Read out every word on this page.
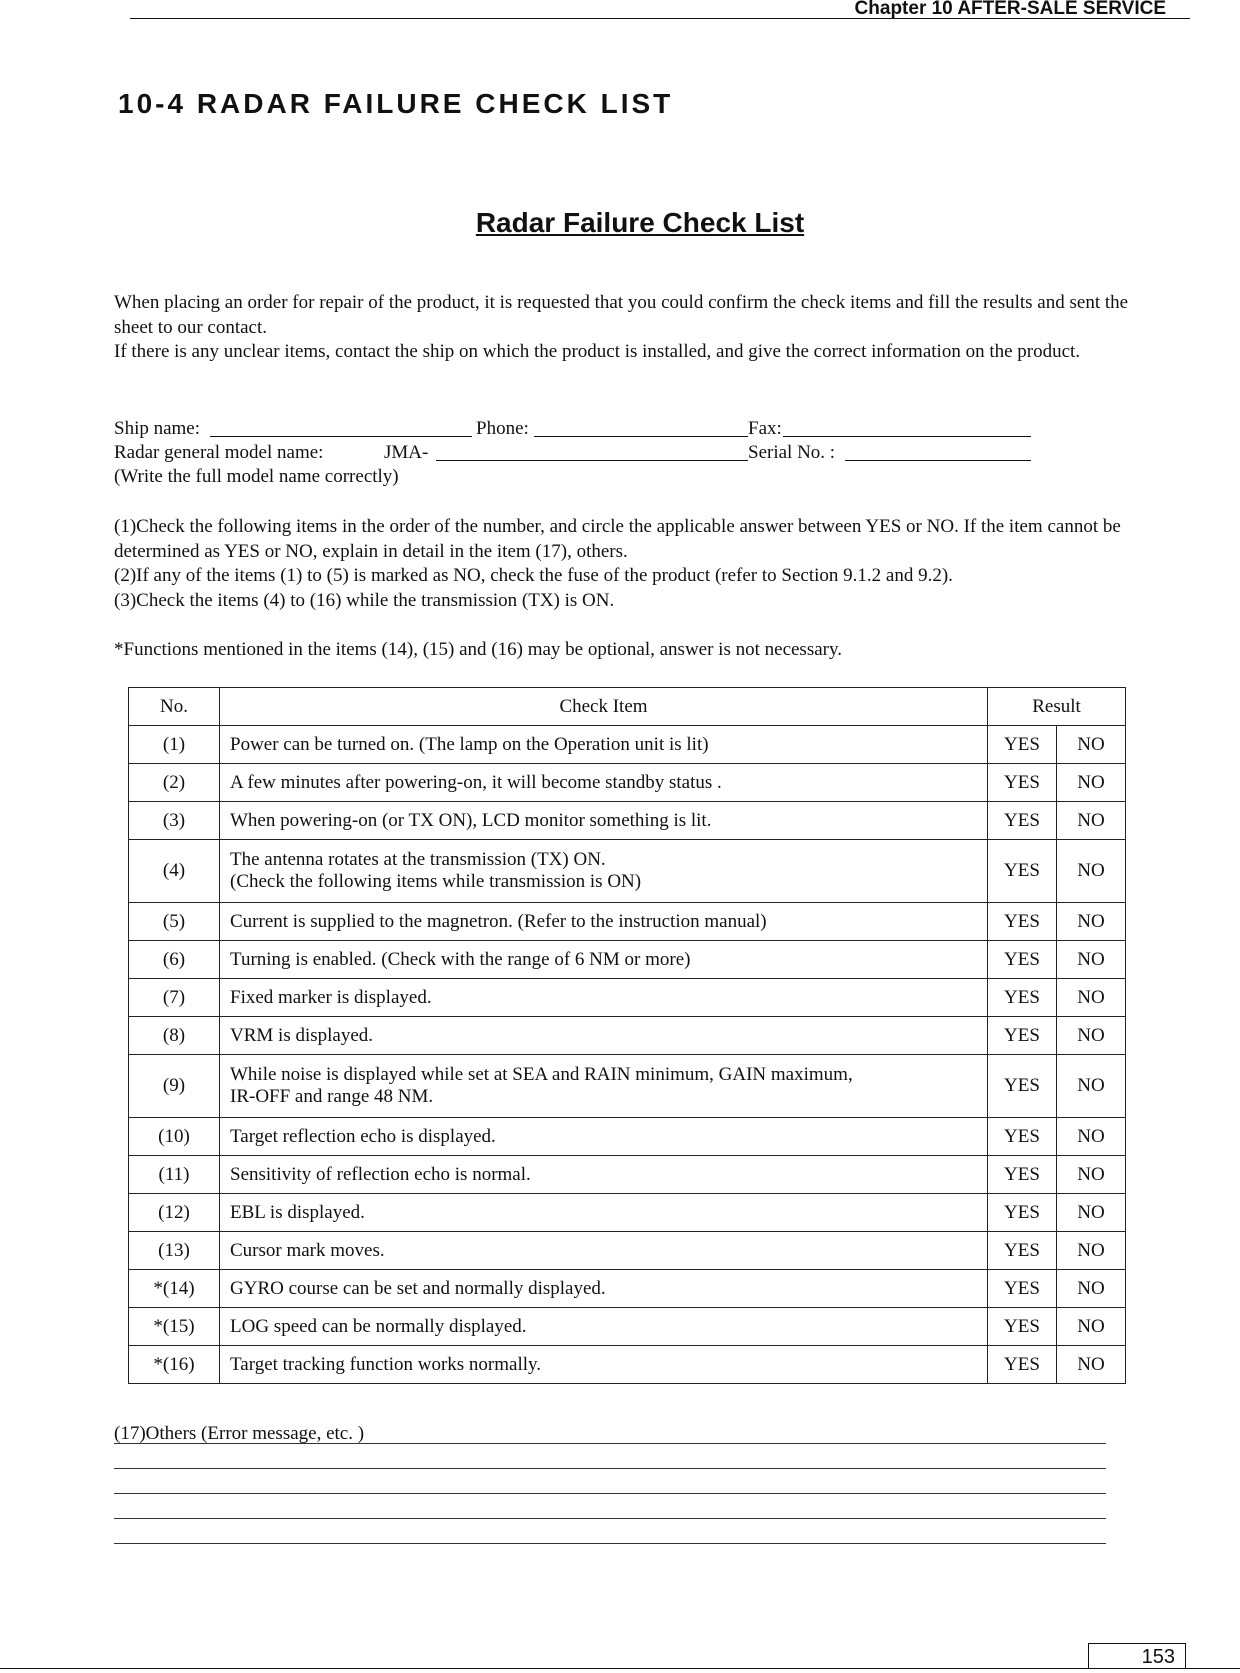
Chapter 10 AFTER-SALE SERVICE
10-4 RADAR FAILURE CHECK LIST
Radar Failure Check List

When placing an order for repair of the product, it is requested that you could confirm the check items and fill the results and sent the sheet to our contact.

If there is any unclear items, contact the ship on which the product is installed, and give the correct information on the product.

Ship name:	Phone:	Fax:
Radar general model name:	JMA-	Serial No. :
(Write the full model name correctly)

(1)Check the following items in the order of the number, and circle the applicable answer between YES or NO. If the item cannot be determined as YES or NO, explain in detail in the item (17), others.

(2)If any of the items (1) to (5) is marked as NO, check the fuse of the product (refer to Section 9.1.2 and 9.2).

(3)Check the items (4) to (16) while the transmission (TX) is ON.

*Functions mentioned in the items (14), (15) and (16) may be optional, answer is not necessary.

No.	Check Item	Result	
(1)	Power can be turned on. (The lamp on the Operation unit is lit)	YES	NO
(2)	A few minutes after powering-on, it will become standby status .	YES	NO
(3)	When powering-on (or TX ON), LCD monitor something is lit.	YES	NO
(4)	The antenna rotates at the transmission (TX) ON.
(Check the following items while transmission is ON)	YES	NO
(5)	Current is supplied to the magnetron. (Refer to the instruction manual)	YES	NO
(6)	Turning is enabled. (Check with the range of 6 NM or more)	YES	NO
(7)	Fixed marker is displayed.	YES	NO
(8)	VRM is displayed.	YES	NO
(9)	While noise is displayed while set at SEA and RAIN minimum, GAIN maximum,
IR-OFF and range 48 NM.	YES	NO
(10)	Target reflection echo is displayed.	YES	NO
(11)	Sensitivity of reflection echo is normal.	YES	NO
(12)	EBL is displayed.	YES	NO
(13)	Cursor mark moves.	YES	NO
*(14)	GYRO course can be set and normally displayed.	YES	NO
*(15)	LOG speed can be normally displayed.	YES	NO
*(16)	Target tracking function works normally.	YES	NO
(17)Others (Error message, etc. )
153
